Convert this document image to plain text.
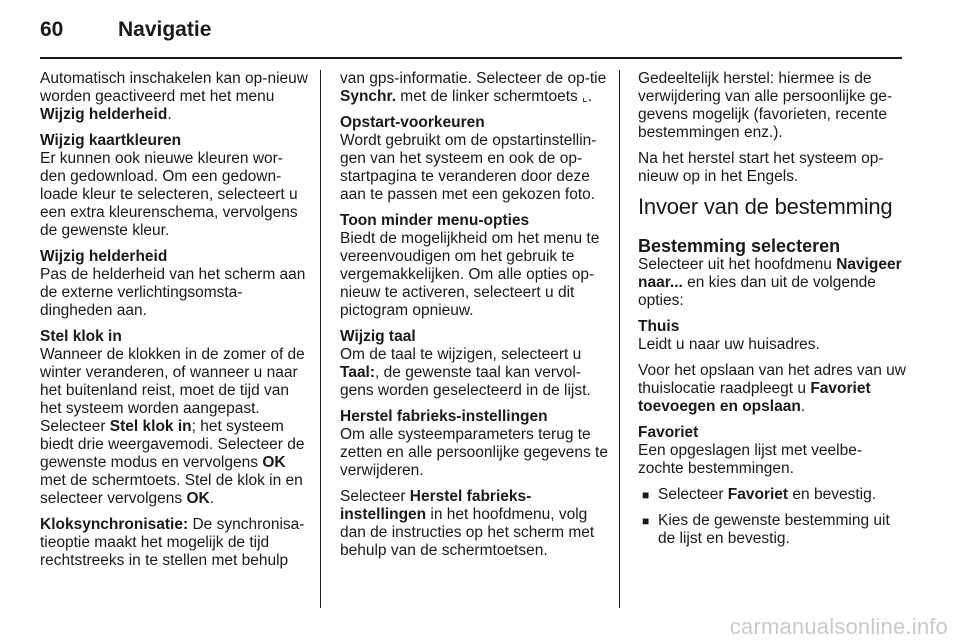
60	Navigatie

Automatisch inschakelen kan op-nieuw worden geactiveerd met het menu Wijzig helderheid.

Wijzig kaartkleuren
Er kunnen ook nieuwe kleuren wor-den gedownload. Om een gedown-loade kleur te selecteren, selecteert u een extra kleurenschema, vervolgens de gewenste kleur.

Wijzig helderheid
Pas de helderheid van het scherm aan de externe verlichtingsomsta-dingheden aan.

Stel klok in
Wanneer de klokken in de zomer of de winter veranderen, of wanneer u naar het buitenland reist, moet de tijd van het systeem worden aangepast. Selecteer Stel klok in; het systeem biedt drie weergavemodi. Selecteer de gewenste modus en vervolgens OK met de schermtoets. Stel de klok in en selecteer vervolgens OK.

Kloksynchronisatie: De synchronisa-tieoptie maakt het mogelijk de tijd rechtstreeks in te stellen met behulp

van gps-informatie. Selecteer de op-tie Synchr. met de linker schermtoets ⌞.

Opstart-voorkeuren
Wordt gebruikt om de opstartinstellin-gen van het systeem en ook de op-startpagina te veranderen door deze aan te passen met een gekozen foto.

Toon minder menu-opties
Biedt de mogelijkheid om het menu te vereenvoudigen om het gebruik te vergemakkelijken. Om alle opties op-nieuw te activeren, selecteert u dit pictogram opnieuw.

Wijzig taal
Om de taal te wijzigen, selecteert u Taal:, de gewenste taal kan vervol-gens worden geselecteerd in de lijst.

Herstel fabrieks-instellingen
Om alle systeemparameters terug te zetten en alle persoonlijke gegevens te verwijderen.

Selecteer Herstel fabrieks-instellingen in het hoofdmenu, volg dan de instructies op het scherm met behulp van de schermtoetsen.

Gedeeltelijk herstel: hiermee is de verwijdering van alle persoonlijke ge-gevens mogelijk (favorieten, recente bestemmingen enz.).

Na het herstel start het systeem op-nieuw op in het Engels.

Invoer van de bestemming
Bestemming selecteren

Selecteer uit het hoofdmenu Navigeer naar... en kies dan uit de volgende opties:

Thuis
Leidt u naar uw huisadres.

Voor het opslaan van het adres van uw thuislocatie raadpleegt u Favoriet toevoegen en opslaan.

Favoriet
Een opgeslagen lijst met veelbe-zochte bestemmingen.

■ Selecteer Favoriet en bevestig.
■ Kies de gewenste bestemming uit de lijst en bevestig.
carmanualsonline.info
